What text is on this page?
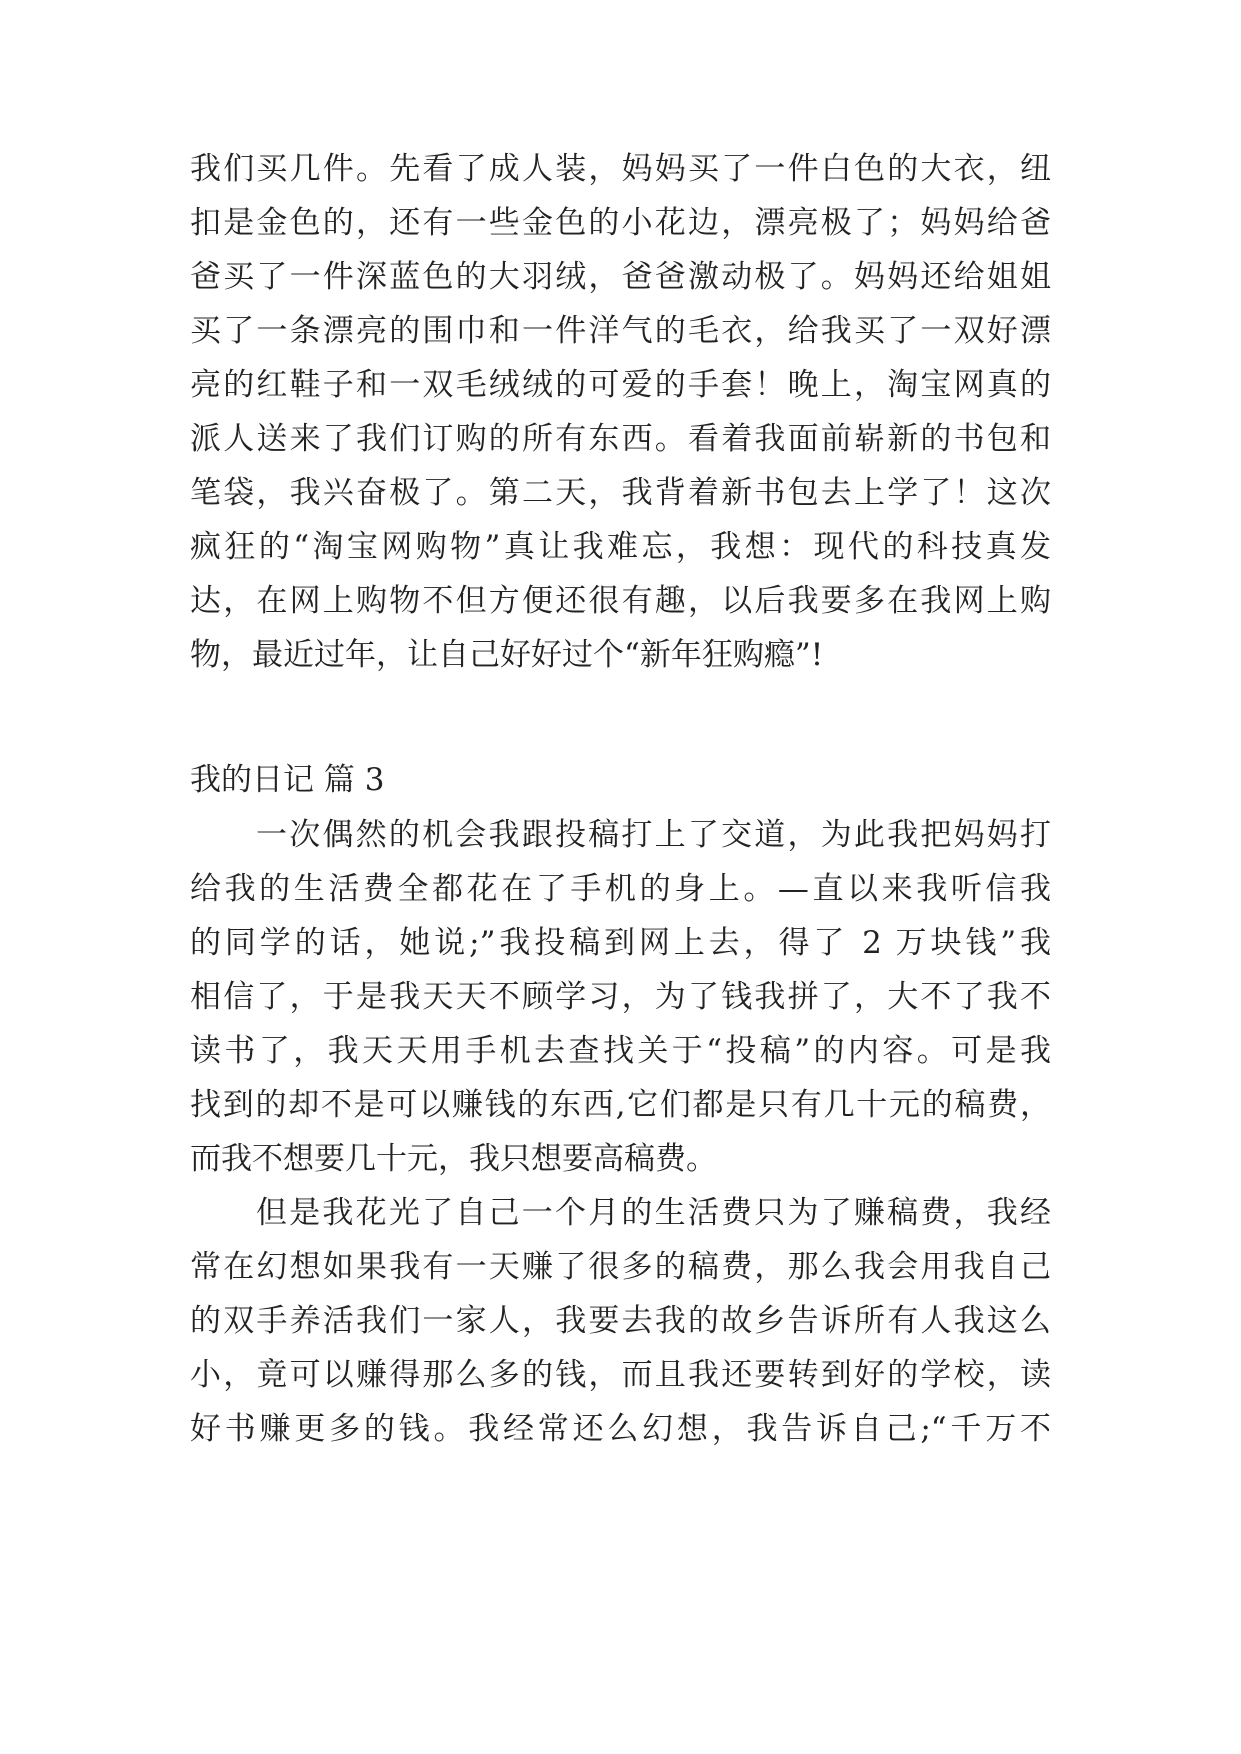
我们买几件。先看了成人装，妈妈买了一件白色的大衣，纽
扣是金色的，还有一些金色的小花边，漂亮极了；妈妈给爸
爸买了一件深蓝色的大羽绒，爸爸激动极了。妈妈还给姐姐
买了一条漂亮的围巾和一件洋气的毛衣，给我买了一双好漂
亮的红鞋子和一双毛绒绒的可爱的手套！晚上，淘宝网真的
派人送来了我们订购的所有东西。看着我面前崭新的书包和
笔袋，我兴奋极了。第二天，我背着新书包去上学了！这次
疯狂的“淘宝网购物”真让我难忘，我想：现代的科技真发
达，在网上购物不但方便还很有趣，以后我要多在我网上购
物，最近过年，让自己好好过个“新年狂购瘾”!
我的日记 篇 3
一次偶然的机会我跟投稿打上了交道，为此我把妈妈打
给我的生活费全都花在了手机的身上。—直以来我听信我
的同学的话，她说;”我投稿到网上去，得了 2 万块钱”我
相信了，于是我天天不顾学习，为了钱我拼了，大不了我不
读书了，我天天用手机去查找关于“投稿”的内容。可是我
找到的却不是可以赚钱的东西,它们都是只有几十元的稿费，
而我不想要几十元，我只想要高稿费。
但是我花光了自己一个月的生活费只为了赚稿费，我经
常在幻想如果我有一天赚了很多的稿费，那么我会用我自己
的双手养活我们一家人，我要去我的故乡告诉所有人我这么
小，竟可以赚得那么多的钱，而且我还要转到好的学校，读
好书赚更多的钱。我经常还么幻想，我告诉自己;“千万不
